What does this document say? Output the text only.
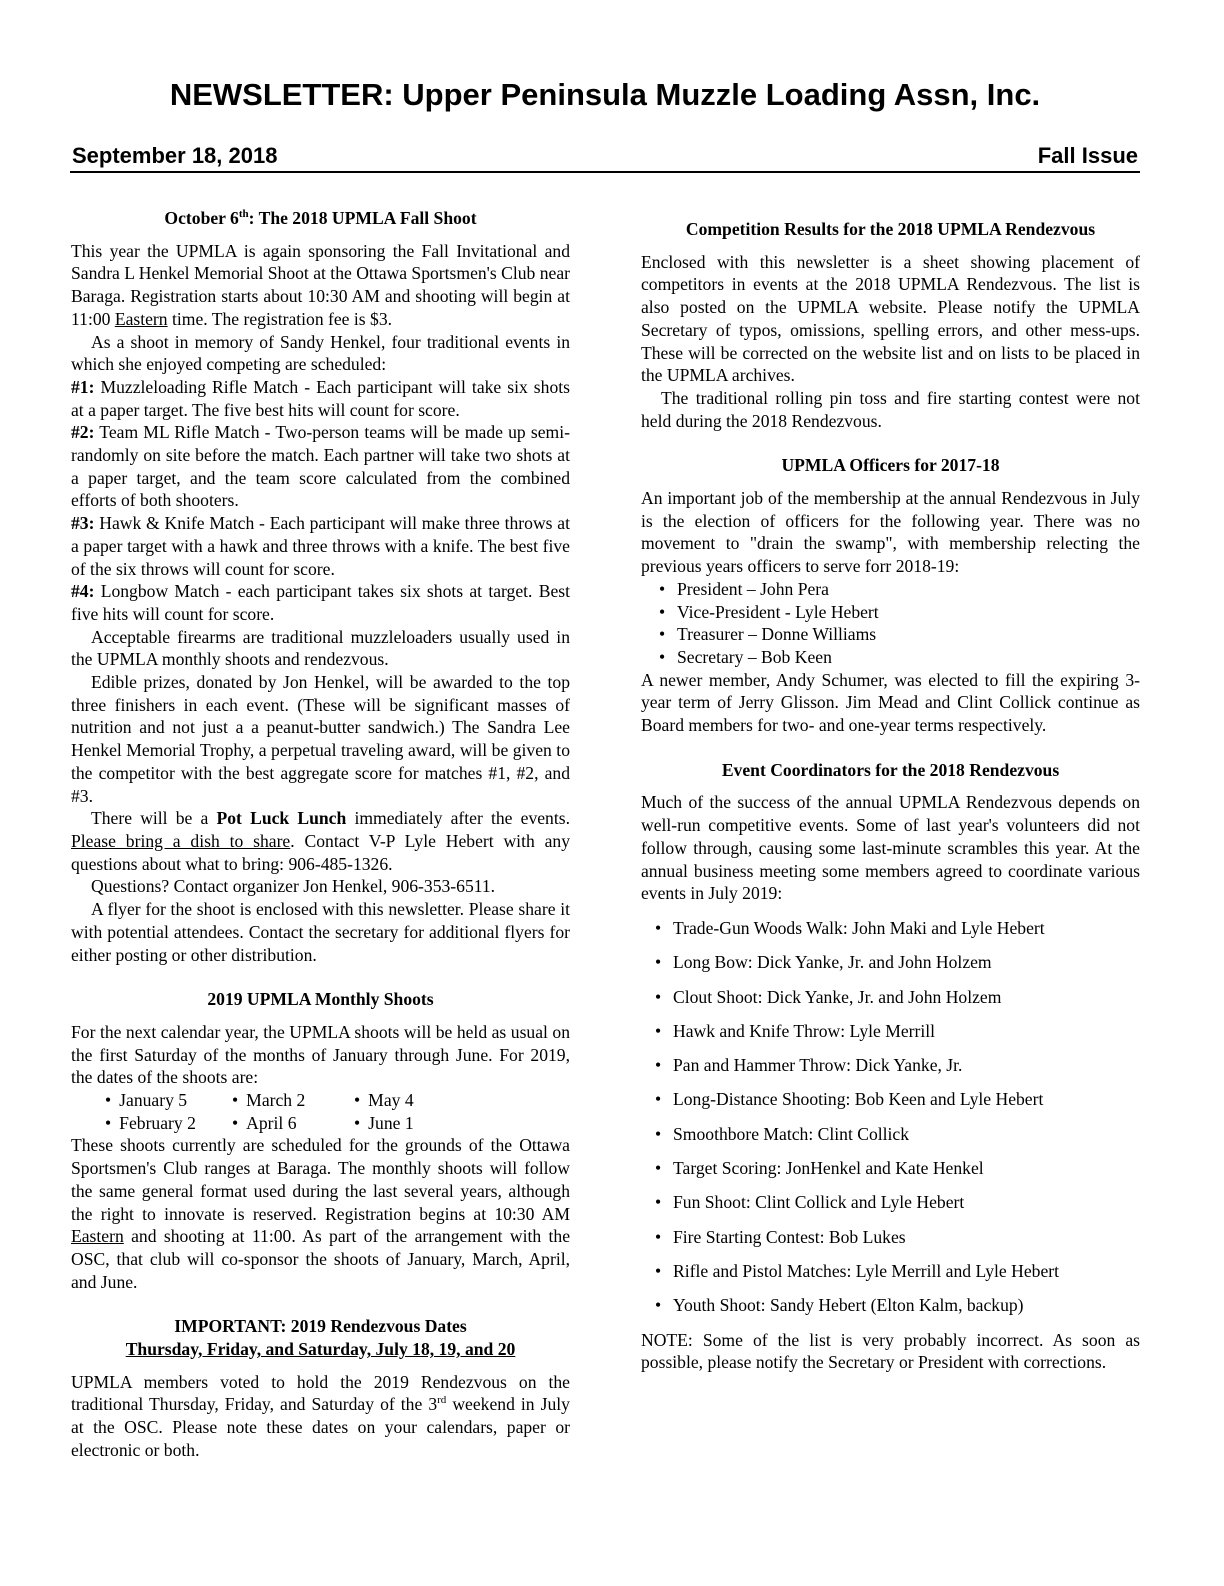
NEWSLETTER: Upper Peninsula Muzzle Loading Assn, Inc.
September 18, 2018	Fall Issue
October 6th: The 2018 UPMLA Fall Shoot

This year the UPMLA is again sponsoring the Fall Invitational and Sandra L Henkel Memorial Shoot at the Ottawa Sportsmen's Club near Baraga. Registration starts about 10:30 AM and shooting will begin at 11:00 Eastern time. The registration fee is $3.

As a shoot in memory of Sandy Henkel, four traditional events in which she enjoyed competing are scheduled:

#1: Muzzleloading Rifle Match - Each participant will take six shots at a paper target. The five best hits will count for score.

#2: Team ML Rifle Match - Two-person teams will be made up semi-randomly on site before the match. Each partner will take two shots at a paper target, and the team score calculated from the combined efforts of both shooters.

#3: Hawk & Knife Match - Each participant will make three throws at a paper target with a hawk and three throws with a knife. The best five of the six throws will count for score.

#4: Longbow Match - each participant takes six shots at target. Best five hits will count for score.

Acceptable firearms are traditional muzzleloaders usually used in the UPMLA monthly shoots and rendezvous.

Edible prizes, donated by Jon Henkel, will be awarded to the top three finishers in each event. (These will be significant masses of nutrition and not just a a peanut-butter sandwich.) The Sandra Lee Henkel Memorial Trophy, a perpetual traveling award, will be given to the competitor with the best aggregate score for matches #1, #2, and #3.

There will be a Pot Luck Lunch immediately after the events. Please bring a dish to share. Contact V-P Lyle Hebert with any questions about what to bring: 906-485-1326.

Questions? Contact organizer Jon Henkel, 906-353-6511.

A flyer for the shoot is enclosed with this newsletter. Please share it with potential attendees. Contact the secretary for additional flyers for either posting or other distribution.

2019 UPMLA Monthly Shoots

For the next calendar year, the UPMLA shoots will be held as usual on the first Saturday of the months of January through June. For 2019, the dates of the shoots are:

• January 5	• March 2	• May 4
• February 2	• April 6	• June 1

These shoots currently are scheduled for the grounds of the Ottawa Sportsmen's Club ranges at Baraga. The monthly shoots will follow the same general format used during the last several years, although the right to innovate is reserved. Registration begins at 10:30 AM Eastern and shooting at 11:00. As part of the arrangement with the OSC, that club will co-sponsor the shoots of January, March, April, and June.

IMPORTANT: 2019 Rendezvous Dates
Thursday, Friday, and Saturday, July 18, 19, and 20

UPMLA members voted to hold the 2019 Rendezvous on the traditional Thursday, Friday, and Saturday of the 3rd weekend in July at the OSC. Please note these dates on your calendars, paper or electronic or both.

Competition Results for the 2018 UPMLA Rendezvous

Enclosed with this newsletter is a sheet showing placement of competitors in events at the 2018 UPMLA Rendezvous. The list is also posted on the UPMLA website. Please notify the UPMLA Secretary of typos, omissions, spelling errors, and other mess-ups. These will be corrected on the website list and on lists to be placed in the UPMLA archives.

The traditional rolling pin toss and fire starting contest were not held during the 2018 Rendezvous.

UPMLA Officers for 2017-18

An important job of the membership at the annual Rendezvous in July is the election of officers for the following year. There was no movement to "drain the swamp", with membership relecting the previous years officers to serve forr 2018-19:

• President – John Pera
• Vice-President - Lyle Hebert
• Treasurer – Donne Williams
• Secretary – Bob Keen

A newer member, Andy Schumer, was elected to fill the expiring 3-year term of Jerry Glisson. Jim Mead and Clint Collick continue as Board members for two- and one-year terms respectively.

Event Coordinators for the 2018 Rendezvous

Much of the success of the annual UPMLA Rendezvous depends on well-run competitive events. Some of last year's volunteers did not follow through, causing some last-minute scrambles this year. At the annual business meeting some members agreed to coordinate various events in July 2019:

• Trade-Gun Woods Walk: John Maki and Lyle Hebert
• Long Bow: Dick Yanke, Jr. and John Holzem
• Clout Shoot: Dick Yanke, Jr. and John Holzem
• Hawk and Knife Throw: Lyle Merrill
• Pan and Hammer Throw: Dick Yanke, Jr.
• Long-Distance Shooting: Bob Keen and Lyle Hebert
• Smoothbore Match: Clint Collick
• Target Scoring: JonHenkel and Kate Henkel
• Fun Shoot: Clint Collick and Lyle Hebert
• Fire Starting Contest: Bob Lukes
• Rifle and Pistol Matches: Lyle Merrill and Lyle Hebert
• Youth Shoot: Sandy Hebert (Elton Kalm, backup)

NOTE: Some of the list is very probably incorrect. As soon as possible, please notify the Secretary or President with corrections.
